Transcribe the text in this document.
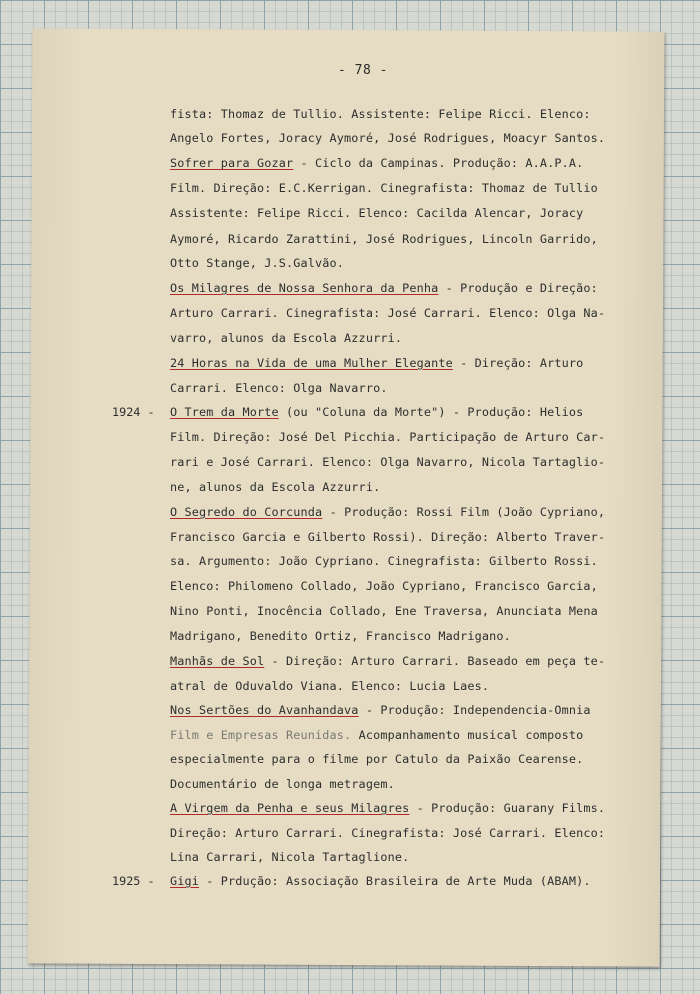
- 78 -
1924 -
1925 -
fista: Thomaz de Tullio. Assistente: Felipe Ricci. Elenco:
Angelo Fortes, Joracy Aymoré, José Rodrigues, Moacyr Santos.
Sofrer para Gozar - Ciclo da Campinas. Produção: A.A.P.A.
Film. Direção: E.C.Kerrigan. Cinegrafista: Thomaz de Tullio
Assistente: Felipe Ricci. Elenco: Cacilda Alencar, Joracy
Aymoré, Ricardo Zarattini, José Rodrigues, Lincoln Garrido,
Otto Stange, J.S.Galvão.
Os Milagres de Nossa Senhora da Penha - Produção e Direção:
Arturo Carrari. Cinegrafista: José Carrari. Elenco: Olga Na-
varro, alunos da Escola Azzurri.
24 Horas na Vida de uma Mulher Elegante - Direção: Arturo
Carrari. Elenco: Olga Navarro.
O Trem da Morte (ou "Coluna da Morte") - Produção: Helios
Film. Direção: José Del Picchia. Participação de Arturo Car-
rari e José Carrari. Elenco: Olga Navarro, Nicola Tartaglio-
ne, alunos da Escola Azzurri.
O Segredo do Corcunda - Produção: Rossi Film (João Cypriano,
Francisco Garcia e Gilberto Rossi). Direção: Alberto Traver-
sa. Argumento: João Cypriano. Cinegrafista: Gilberto Rossi.
Elenco: Philomeno Collado, João Cypriano, Francisco Garcia,
Nino Ponti, Inocência Collado, Ene Traversa, Anunciata Mena
Madrigano, Benedito Ortiz, Francisco Madrigano.
Manhãs de Sol - Direção: Arturo Carrari. Baseado em peça te-
atral de Oduvaldo Viana. Elenco: Lucia Laes.
Nos Sertões do Avanhandava - Produção: Independencia-Omnia
Film e Empresas Reunidas. Acompanhamento musical composto
especialmente para o filme por Catulo da Paixão Cearense.
Documentário de longa metragem.
A Virgem da Penha e seus Milagres - Produção: Guarany Films.
Direção: Arturo Carrari. Cinegrafista: José Carrari. Elenco:
Lina Carrari, Nicola Tartaglione.
Gigi - Prdução: Associação Brasileira de Arte Muda (ABAM).
